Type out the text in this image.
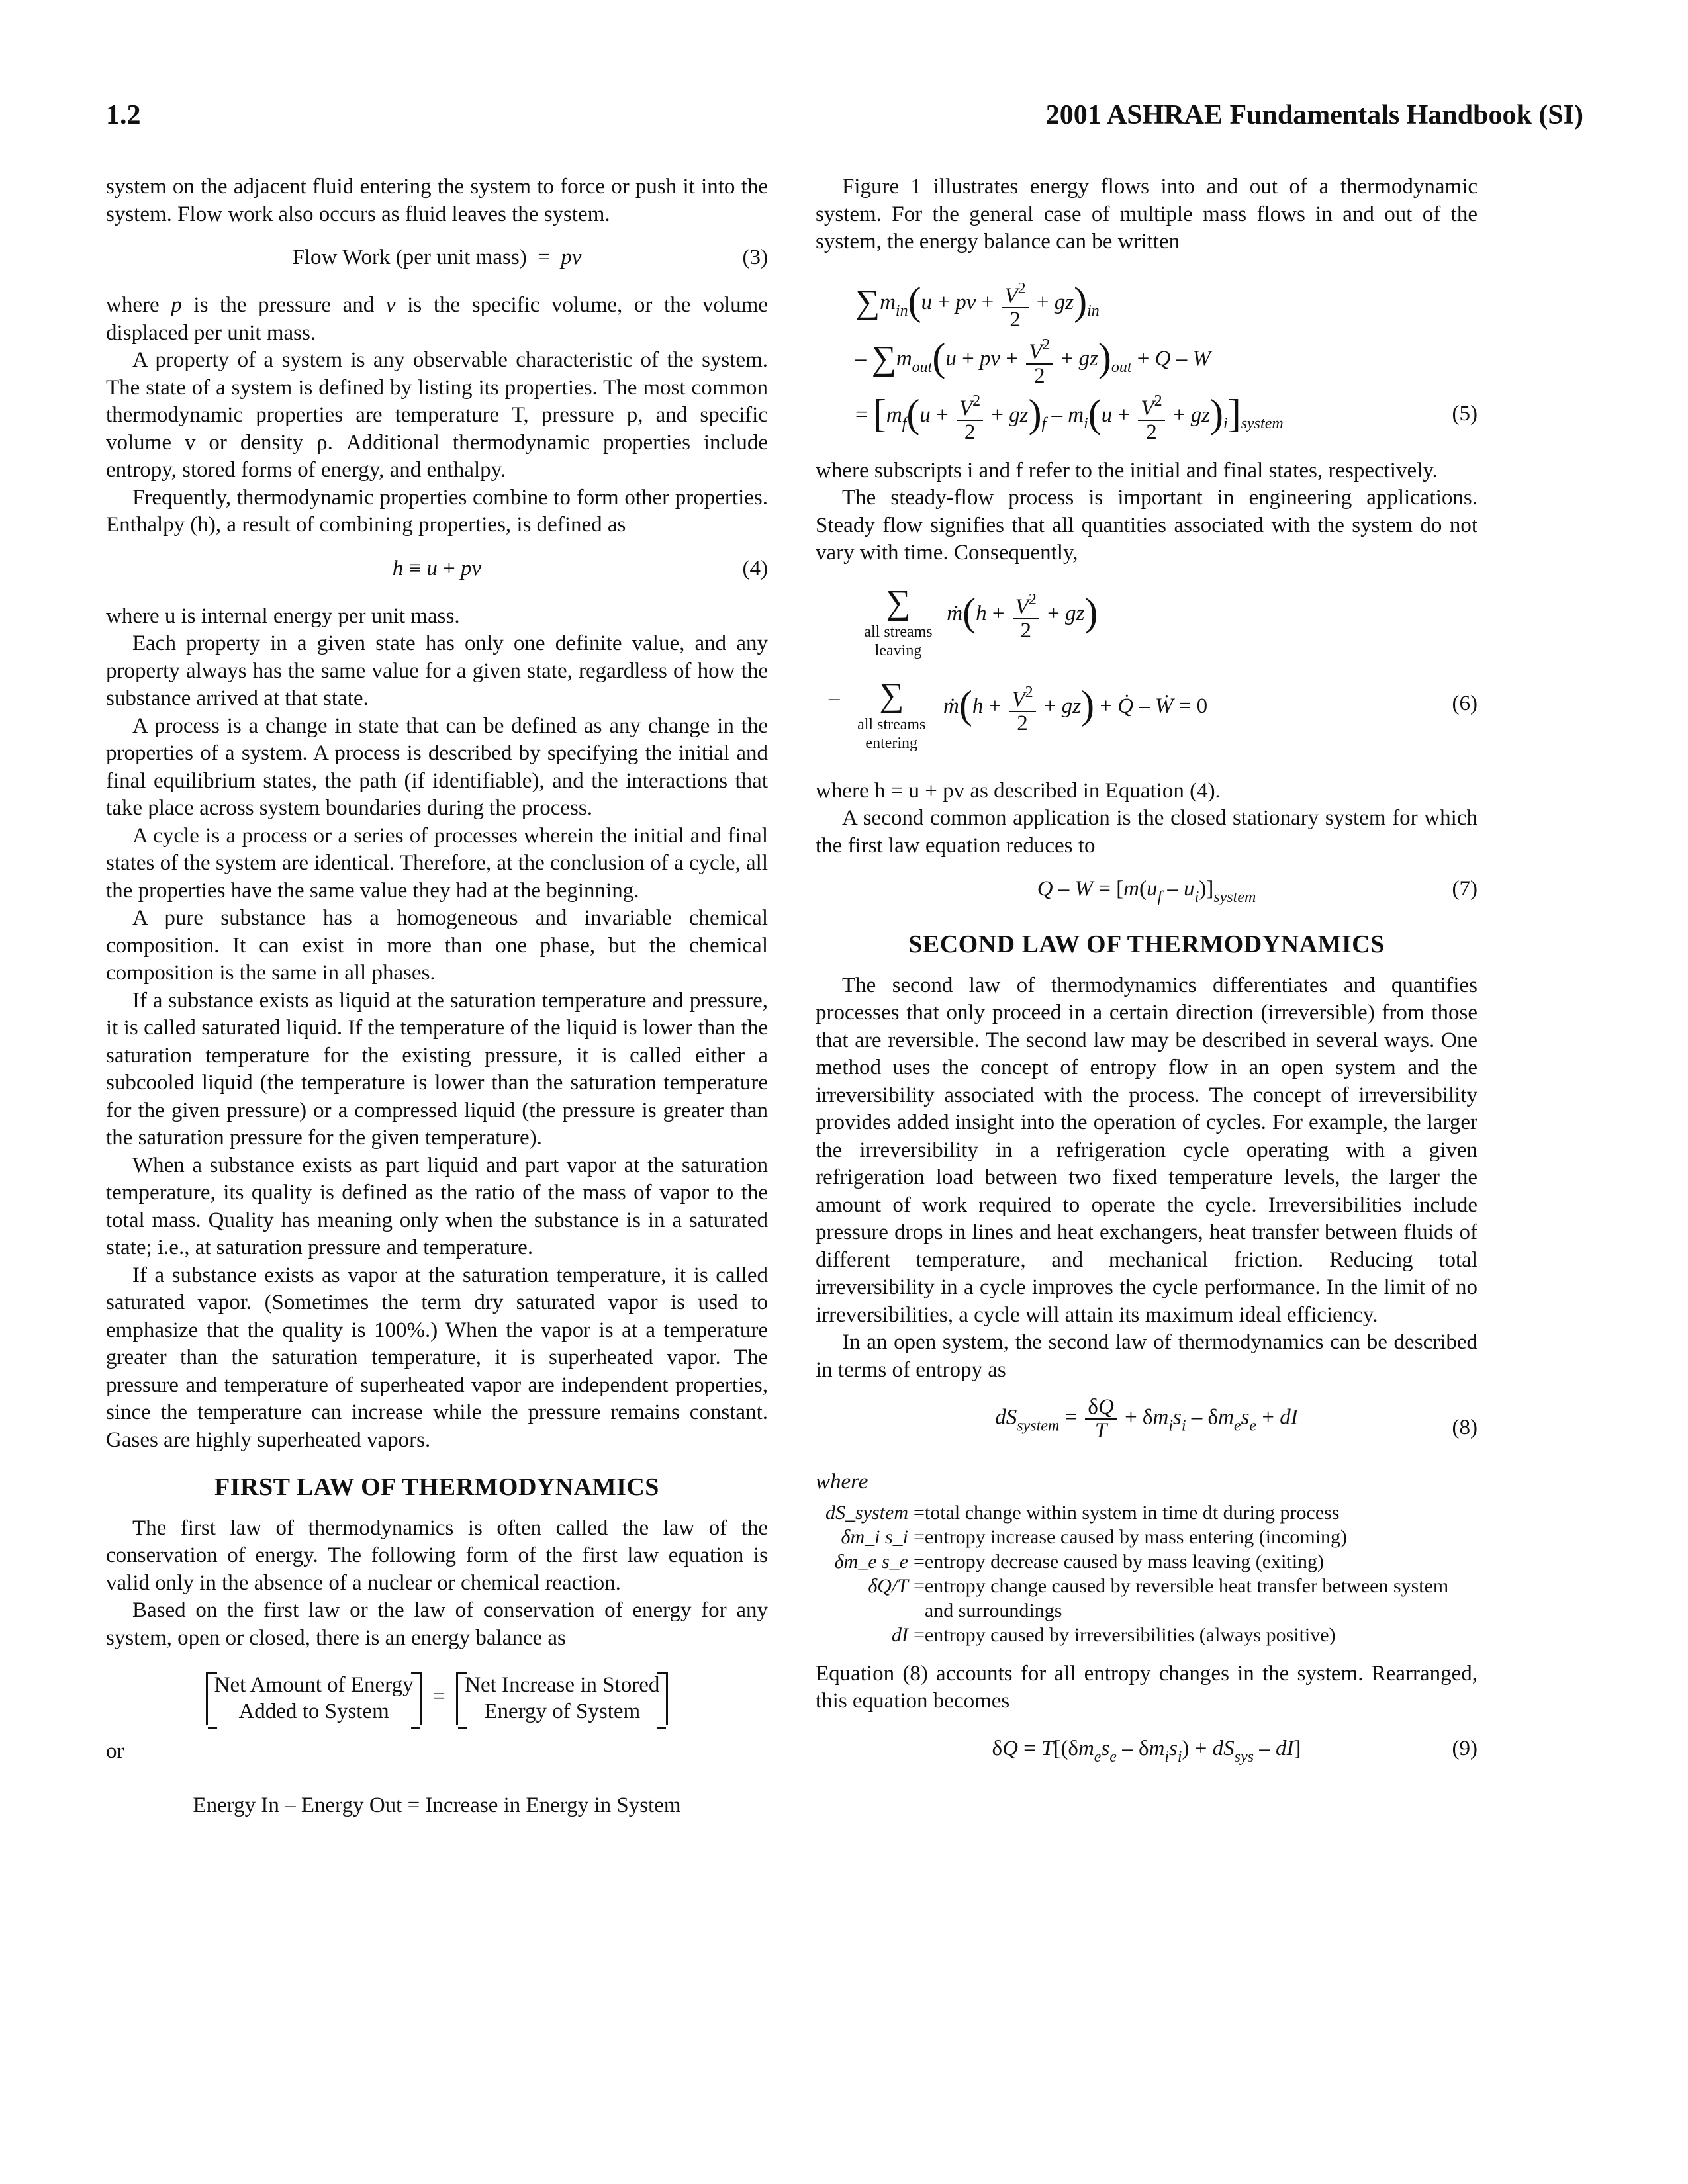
1.2	2001 ASHRAE Fundamentals Handbook (SI)

system on the adjacent fluid entering the system to force or push it into the system. Flow work also occurs as fluid leaves the system.

Flow Work (per unit mass)  =  pv	(3)

where p is the pressure and v is the specific volume, or the volume displaced per unit mass.

A property of a system is any observable characteristic of the system. The state of a system is defined by listing its properties. The most common thermodynamic properties are temperature T, pressure p, and specific volume v or density ρ. Additional thermodynamic properties include entropy, stored forms of energy, and enthalpy.

Frequently, thermodynamic properties combine to form other properties. Enthalpy (h), a result of combining properties, is defined as

h ≡ u + pv	(4)

where u is internal energy per unit mass.

Each property in a given state has only one definite value, and any property always has the same value for a given state, regardless of how the substance arrived at that state.

A process is a change in state that can be defined as any change in the properties of a system. A process is described by specifying the initial and final equilibrium states, the path (if identifiable), and the interactions that take place across system boundaries during the process.

A cycle is a process or a series of processes wherein the initial and final states of the system are identical. Therefore, at the conclusion of a cycle, all the properties have the same value they had at the beginning.

A pure substance has a homogeneous and invariable chemical composition. It can exist in more than one phase, but the chemical composition is the same in all phases.

If a substance exists as liquid at the saturation temperature and pressure, it is called saturated liquid. If the temperature of the liquid is lower than the saturation temperature for the existing pressure, it is called either a subcooled liquid (the temperature is lower than the saturation temperature for the given pressure) or a compressed liquid (the pressure is greater than the saturation pressure for the given temperature).

When a substance exists as part liquid and part vapor at the saturation temperature, its quality is defined as the ratio of the mass of vapor to the total mass. Quality has meaning only when the substance is in a saturated state; i.e., at saturation pressure and temperature.

If a substance exists as vapor at the saturation temperature, it is called saturated vapor. (Sometimes the term dry saturated vapor is used to emphasize that the quality is 100%.) When the vapor is at a temperature greater than the saturation temperature, it is superheated vapor. The pressure and temperature of superheated vapor are independent properties, since the temperature can increase while the pressure remains constant. Gases are highly superheated vapors.

FIRST LAW OF THERMODYNAMICS

The first law of thermodynamics is often called the law of the conservation of energy. The following form of the first law equation is valid only in the absence of a nuclear or chemical reaction.

Based on the first law or the law of conservation of energy for any system, open or closed, there is an energy balance as

Net Amount of Energy
Added to System  =  Net Increase in Stored
Energy of System

or

Energy In – Energy Out = Increase in Energy in System

Figure 1 illustrates energy flows into and out of a thermodynamic system. For the general case of multiple mass flows in and out of the system, the energy balance can be written

$\sum m_{in}(u$ + pv + $\frac{V^2}{2} + gz)_{in}$
– $\sum m_{out}(u$ + pv + $\frac{V^2}{2} + gz)_{out} + Q - W$
= $[m_f(u + \frac{V^2}{2} + gz)_f - m_i(u + \frac{V^2}{2} + gz)_i]_{system}$	(5)

where subscripts i and f refer to the initial and final states, respectively.

The steady-flow process is important in engineering applications. Steady flow signifies that all quantities associated with the system do not vary with time. Consequently,

∑
all streams leaving ṁ(h + $\frac{V^2}{2} + gz$)
–	∑
all streams entering ṁ(h + $\frac{V^2}{2} + gz$) + Q̇ – Ẇ = 0	(6)

where h = u + pv as described in Equation (4).

A second common application is the closed stationary system for which the first law equation reduces to

$Q - W = [m(u_f - u_i)]_{system}$	(7)
SECOND LAW OF THERMODYNAMICS

The second law of thermodynamics differentiates and quantifies processes that only proceed in a certain direction (irreversible) from those that are reversible. The second law may be described in several ways. One method uses the concept of entropy flow in an open system and the irreversibility associated with the process. The concept of irreversibility provides added insight into the operation of cycles. For example, the larger the irreversibility in a refrigeration cycle operating with a given refrigeration load between two fixed temperature levels, the larger the amount of work required to operate the cycle. Irreversibilities include pressure drops in lines and heat exchangers, heat transfer between fluids of different temperature, and mechanical friction. Reducing total irreversibility in a cycle improves the cycle performance. In the limit of no irreversibilities, a cycle will attain its maximum ideal efficiency.

In an open system, the second law of thermodynamics can be described in terms of entropy as

$dS_{system} = \frac{\delta Q}{T} + \delta m_is_i - \delta m_es_e$ + dI	(8)

where

dS_system = total change within system in time dt during process
δm_i s_i = entropy increase caused by mass entering (incoming)
δm_e s_e = entropy decrease caused by mass leaving (exiting)
δQ/T = entropy change caused by reversible heat transfer between system and surroundings
dI = entropy caused by irreversibilities (always positive)

Equation (8) accounts for all entropy changes in the system. Rearranged, this equation becomes

$\delta Q = T[(\delta m_es_e - \delta m_is_i) + dS_{sys} - dI]$	(9)
